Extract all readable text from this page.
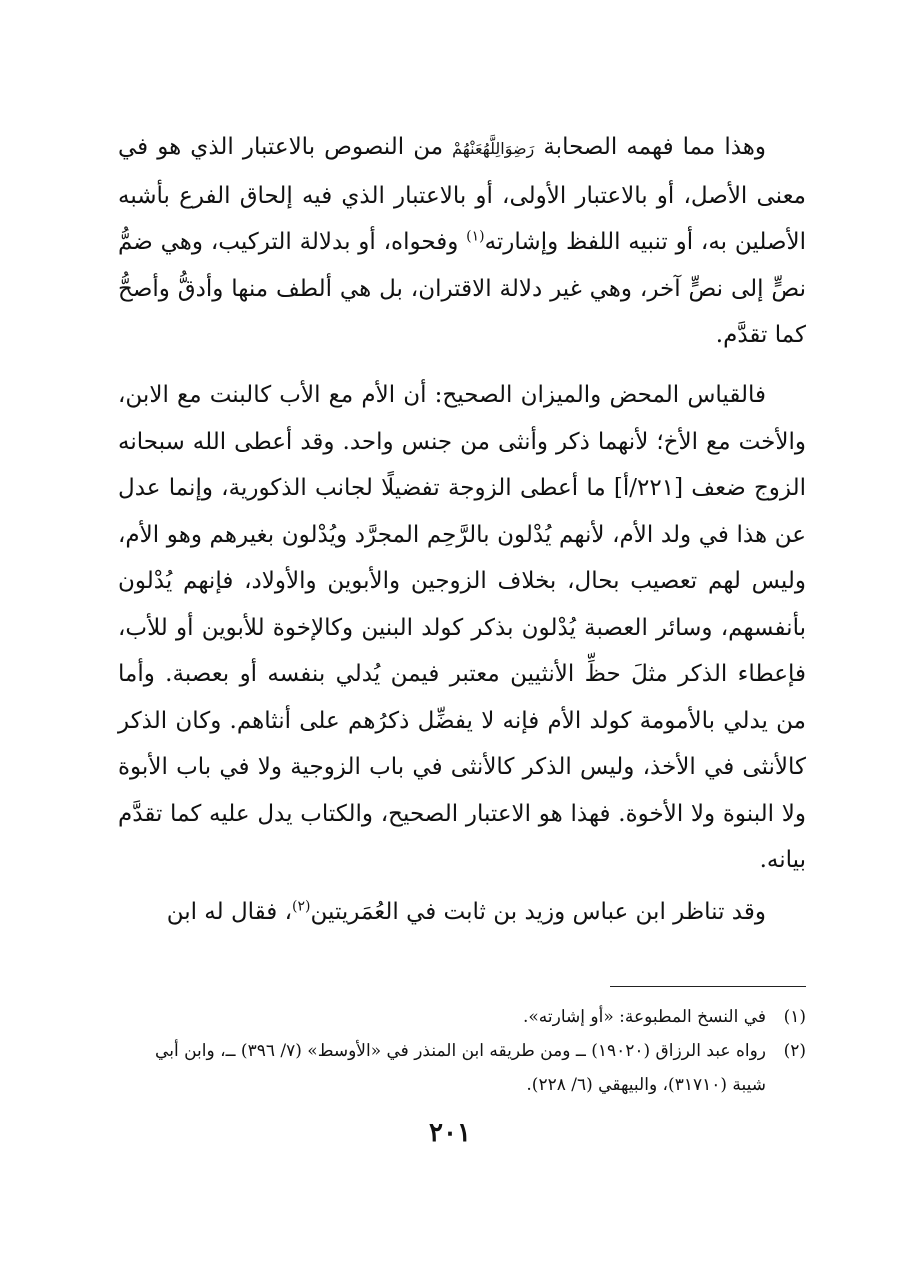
وهذا مما فهمه الصحابة رَضِوَالِلَّهُعَنْهُمْ من النصوص بالاعتبار الذي هو في معنى الأصل، أو بالاعتبار الأولى، أو بالاعتبار الذي فيه إلحاق الفرع بأشبه الأصلين به، أو تنبيه اللفظ وإشارته$^{(١)}$ وفحواه، أو بدلالة التركيب، وهي ضمُّ نصٍّ إلى نصٍّ آخر، وهي غير دلالة الاقتران، بل هي ألطف منها وأدقُّ وأصحُّ كما تقدَّم.

فالقياس المحض والميزان الصحيح: أن الأم مع الأب كالبنت مع الابن، والأخت مع الأخ؛ لأنهما ذكر وأنثى من جنس واحد. وقد أعطى الله سبحانه الزوج ضعف [٢٢١/أ] ما أعطى الزوجة تفضيلًا لجانب الذكورية، وإنما عدل عن هذا في ولد الأم، لأنهم يُدْلون بالرَّحِم المجرَّد ويُدْلون بغيرهم وهو الأم، وليس لهم تعصيب بحال، بخلاف الزوجين والأبوين والأولاد، فإنهم يُدْلون بأنفسهم، وسائر العصبة يُدْلون بذكر كولد البنين وكالإخوة للأبوين أو للأب، فإعطاء الذكر مثلَ حظِّ الأنثيين معتبر فيمن يُدلي بنفسه أو بعصبة. وأما من يدلي بالأمومة كولد الأم فإنه لا يفضِّل ذكرُهم على أنثاهم. وكان الذكر كالأنثى في الأخذ، وليس الذكر كالأنثى في باب الزوجية ولا في باب الأبوة ولا البنوة ولا الأخوة. فهذا هو الاعتبار الصحيح، والكتاب يدل عليه كما تقدَّم بيانه.

وقد تناظر ابن عباس وزيد بن ثابت في العُمَريتين$^{(٢)}$، فقال له ابن

(١)
في النسخ المطبوعة: «أو إشارته».
(٢)
رواه عبد الرزاق (١٩٠٢٠) ــ ومن طريقه ابن المنذر في «الأوسط» (٧/ ٣٩٦) ــ، وابن أبي شيبة (٣١٧١٠)، والبيهقي (٦/ ٢٢٨).
٢٠١
